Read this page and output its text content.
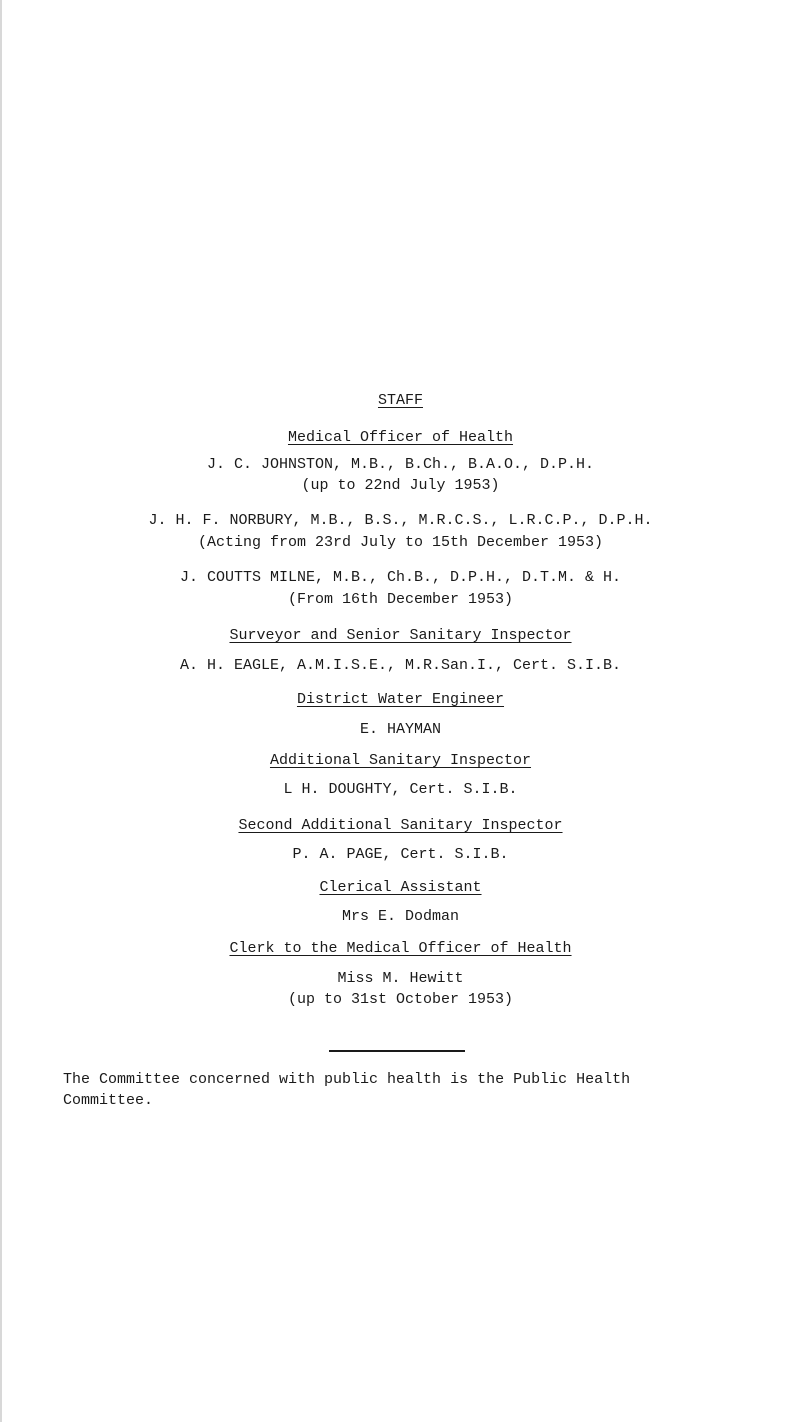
STAFF
Medical Officer of Health
J. C. JOHNSTON, M.B., B.Ch., B.A.O., D.P.H.
(up to 22nd July 1953)
J. H. F. NORBURY, M.B., B.S., M.R.C.S., L.R.C.P., D.P.H.
(Acting from 23rd July to 15th December 1953)
J. COUTTS MILNE, M.B., Ch.B., D.P.H., D.T.M. & H.
(From 16th December 1953)
Surveyor and Senior Sanitary Inspector
A. H. EAGLE, A.M.I.S.E., M.R.San.I., Cert. S.I.B.
District Water Engineer
E. HAYMAN
Additional Sanitary Inspector
L H. DOUGHTY, Cert. S.I.B.
Second Additional Sanitary Inspector
P. A. PAGE, Cert. S.I.B.
Clerical Assistant
Mrs E. Dodman
Clerk to the Medical Officer of Health
Miss M. Hewitt
(up to 31st October 1953)
The Committee concerned with public health is the Public Health
Committee.
